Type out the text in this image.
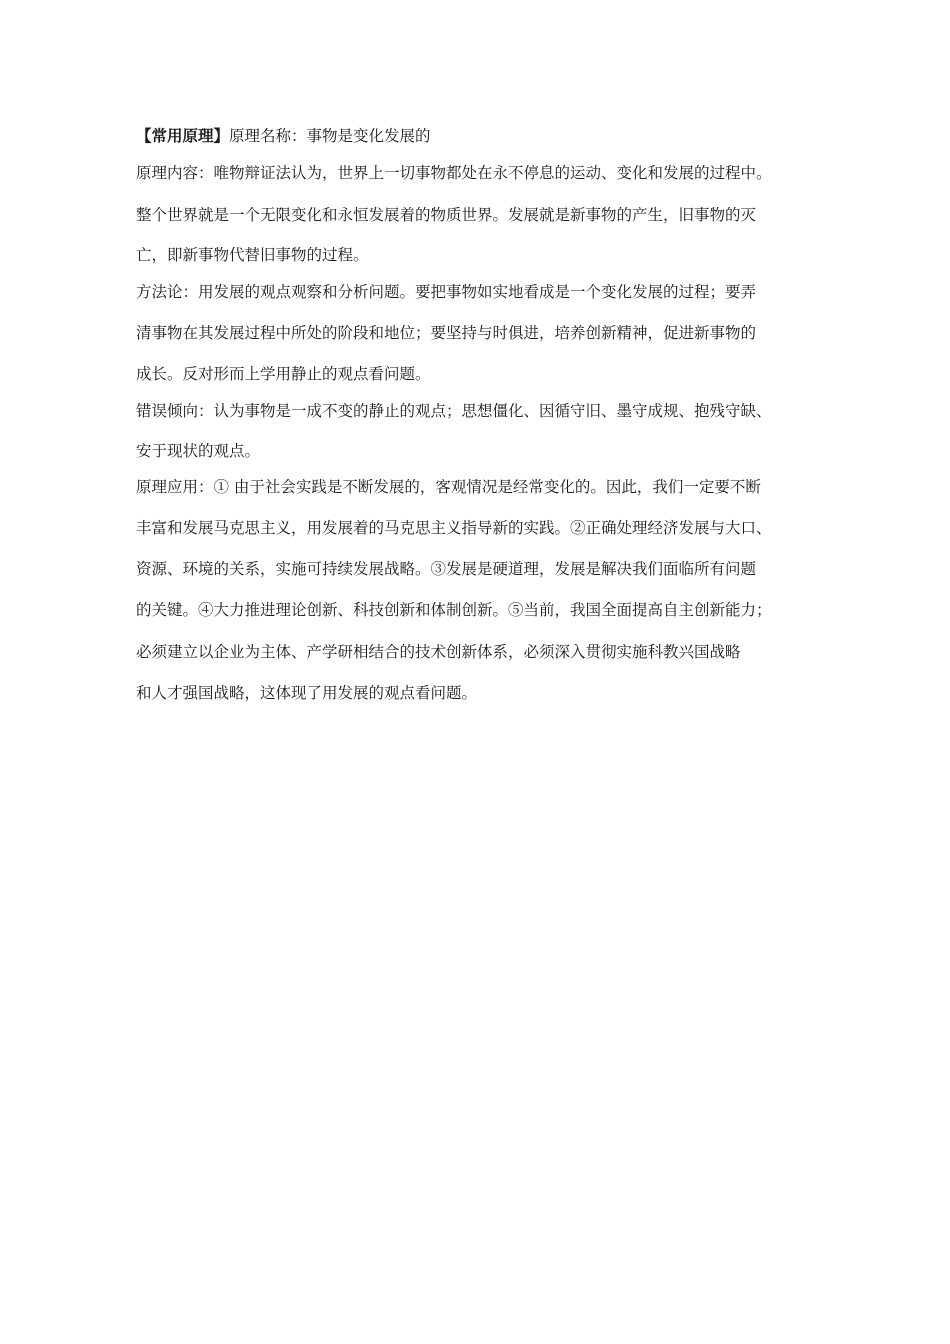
【常用原理】原理名称：事物是变化发展的
原理内容：唯物辩证法认为，世界上一切事物都处在永不停息的运动、变化和发展的过程中。
整个世界就是一个无限变化和永恒发展着的物质世界。发展就是新事物的产生，旧事物的灭
亡，即新事物代替旧事物的过程。
方法论：用发展的观点观察和分析问题。要把事物如实地看成是一个变化发展的过程；要弄
清事物在其发展过程中所处的阶段和地位；要坚持与时俱进，培养创新精神，促进新事物的
成长。反对形而上学用静止的观点看问题。
错误倾向：认为事物是一成不变的静止的观点；思想僵化、因循守旧、墨守成规、抱残守缺、
安于现状的观点。
原理应用：① 由于社会实践是不断发展的，客观情况是经常变化的。因此，我们一定要不断
丰富和发展马克思主义，用发展着的马克思主义指导新的实践。②正确处理经济发展与大口、
资源、环境的关系，实施可持续发展战略。③发展是硬道理，发展是解决我们面临所有问题
的关键。④大力推进理论创新、科技创新和体制创新。⑤当前，我国全面提高自主创新能力；
必须建立以企业为主体、产学研相结合的技术创新体系，必须深入贯彻实施科教兴国战略
和人才强国战略，这体现了用发展的观点看问题。
